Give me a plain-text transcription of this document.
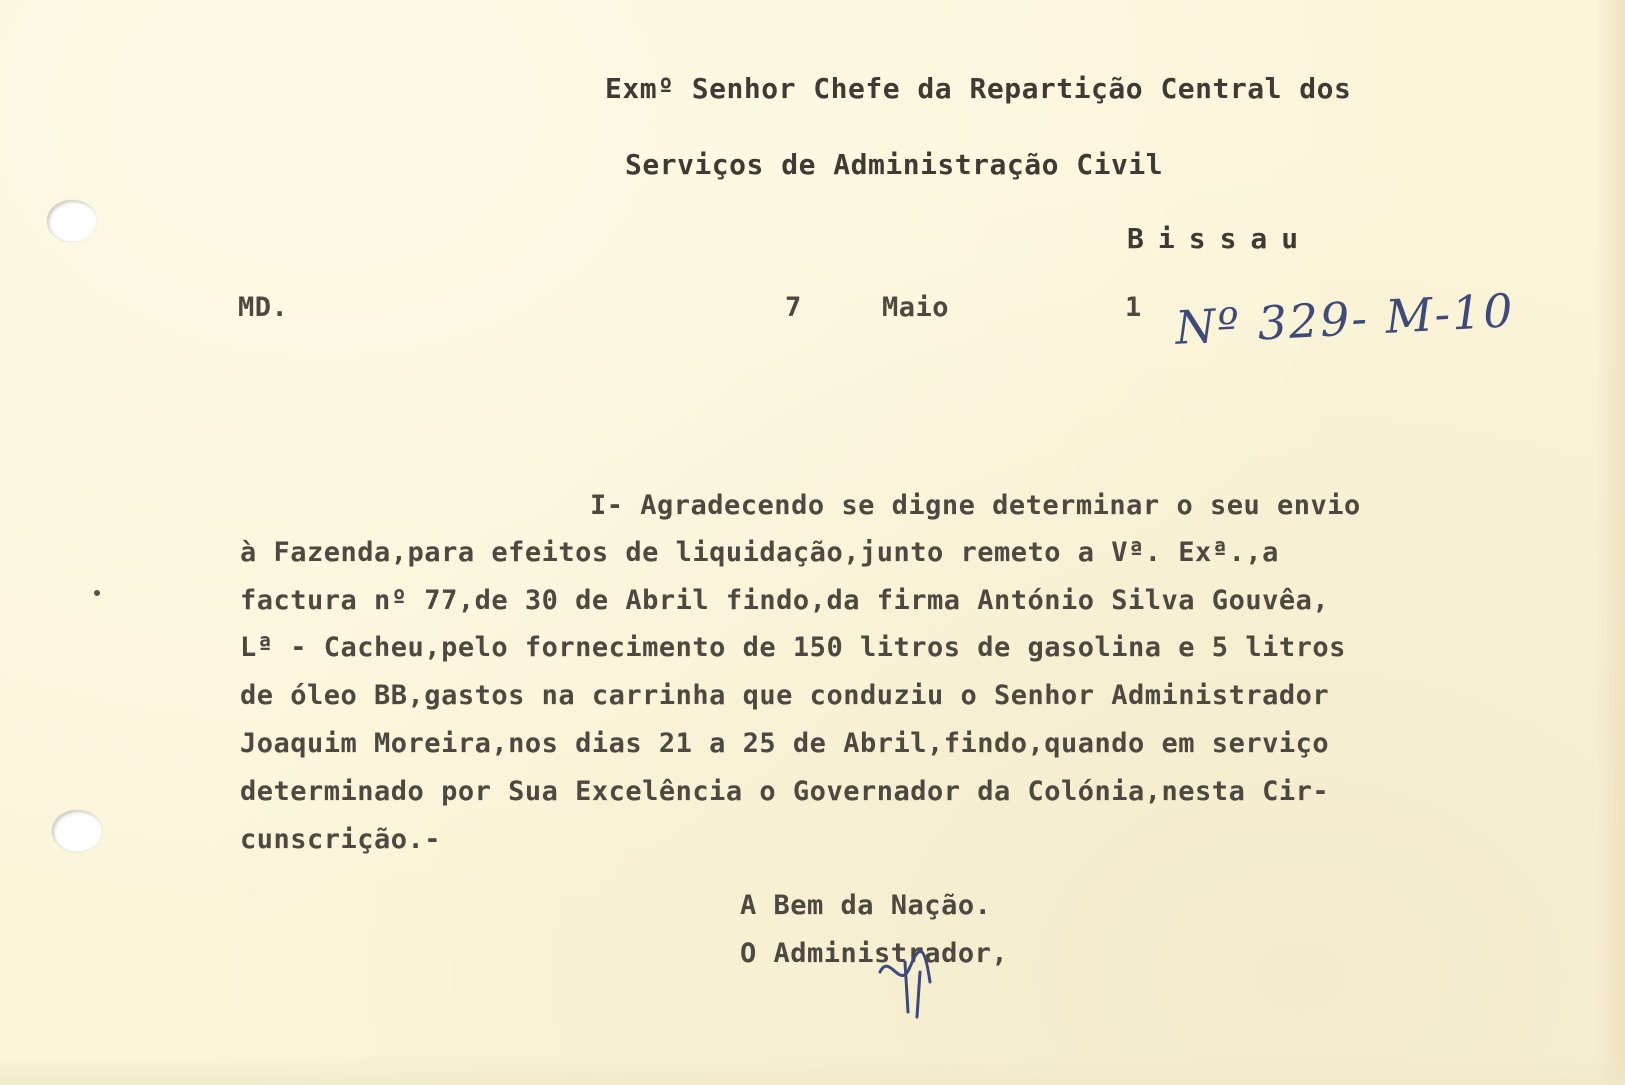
Exmº Senhor Chefe da Repartição Central dos
Serviços de Administração Civil
Bissau
MD.	7	Maio	1 Nº 329- M-10
I- Agradecendo se digne determinar o seu envio
à Fazenda,para efeitos de liquidação,junto remeto a Vª. Exª.,a
factura nº 77,de 30 de Abril findo,da firma António Silva Gouvêa,
Lª - Cacheu,pelo fornecimento de 150 litros de gasolina e 5 litros
de óleo BB,gastos na carrinha que conduziu o Senhor Administrador
Joaquim Moreira,nos dias 21 a 25 de Abril,findo,quando em serviço
determinado por Sua Excelência o Governador da Colónia,nesta Cir-
cunscrição.-
A Bem da Nação.
O Administrador,
